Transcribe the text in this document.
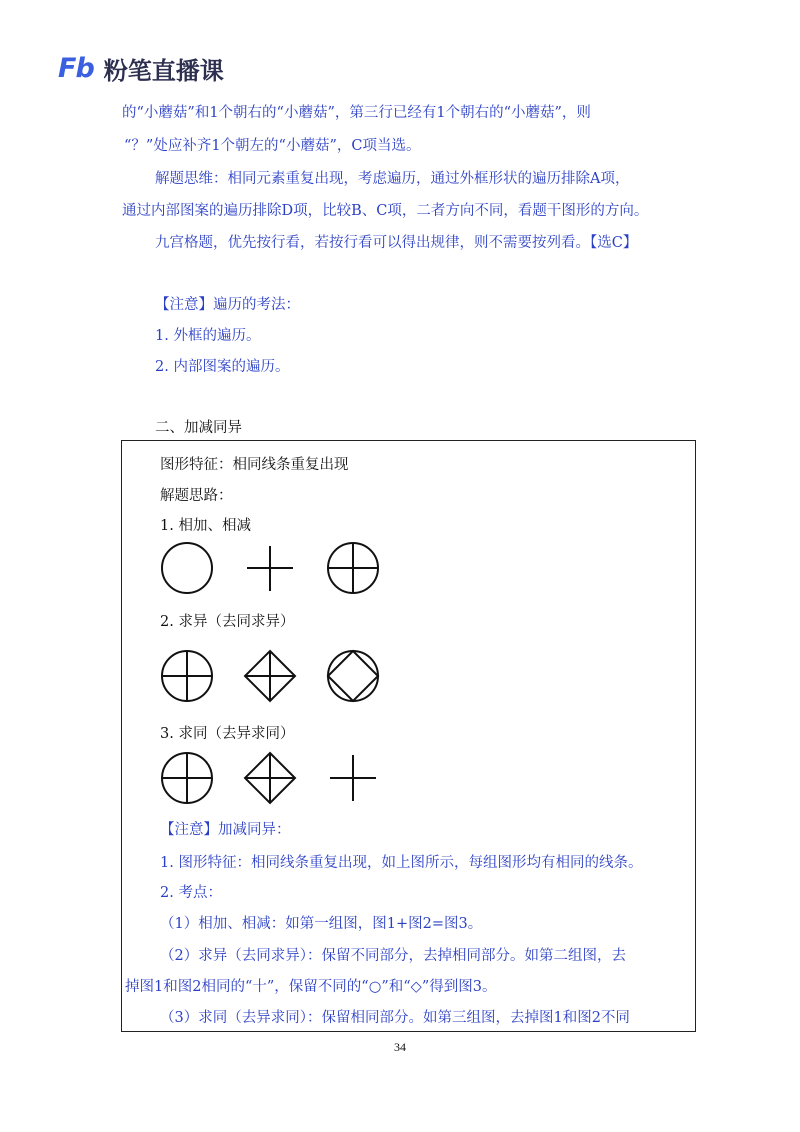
Fb 粉笔直播课
的“小蘑菇”和1个朝右的“小蘑菇”，第三行已经有1个朝右的“小蘑菇”，则
“？”处应补齐1个朝左的“小蘑菇”，C项当选。
解题思维：相同元素重复出现，考虑遍历，通过外框形状的遍历排除A项，
通过内部图案的遍历排除D项，比较B、C项，二者方向不同，看题干图形的方向。
九宫格题，优先按行看，若按行看可以得出规律，则不需要按列看。【选C】
【注意】遍历的考法：
1. 外框的遍历。
2. 内部图案的遍历。
二、加减同异
图形特征：相同线条重复出现
解题思路：
1. 相加、相减
2. 求异（去同求异）
3. 求同（去异求同）
【注意】加减同异：
1. 图形特征：相同线条重复出现，如上图所示，每组图形均有相同的线条。
2. 考点：
（1）相加、相减：如第一组图，图1+图2=图3。
（2）求异（去同求异）：保留不同部分，去掉相同部分。如第二组图，去
掉图1和图2相同的“十”，保留不同的“○”和“◇”得到图3。
（3）求同（去异求同）：保留相同部分。如第三组图，去掉图1和图2不同
34
